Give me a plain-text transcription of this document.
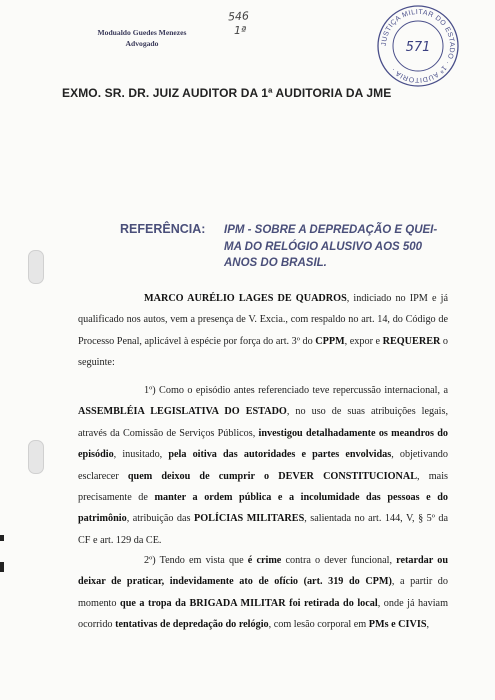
Modualdo Guedes Menezes
Advogado
546
1ª
JUSTIÇA MILITAR DO ESTADO · 1ª AUDITORIA ·
571
EXMO. SR. DR. JUIZ AUDITOR DA 1ª AUDITORIA DA JME
REFERÊNCIA: IPM - SOBRE A DEPREDAÇÃO E QUEI-MA DO RELÓGIO ALUSIVO AOS 500 ANOS DO BRASIL.
MARCO AURÉLIO LAGES DE QUADROS, indiciado no IPM e já qualificado nos autos, vem a presença de V. Excia., com respaldo no art. 14, do Código de Processo Penal, aplicável à espécie por força do art. 3º do CPPM, expor e REQUERER o seguinte:
1º) Como o episódio antes referenciado teve repercussão internacional, a ASSEMBLÉIA LEGISLATIVA DO ESTADO, no uso de suas atribuições legais, através da Comissão de Serviços Públicos, investigou detalhadamente os meandros do episódio, inusitado, pela oitiva das autoridades e partes envolvidas, objetivando esclarecer quem deixou de cumprir o DEVER CONSTITUCIONAL, mais precisamente de manter a ordem pública e a incolumidade das pessoas e do patrimônio, atribuição das POLÍCIAS MILITARES, salientada no art. 144, V, § 5º da CF e art. 129 da CE.
2º) Tendo em vista que é crime contra o dever funcional, retardar ou deixar de praticar, indevidamente ato de ofício (art. 319 do CPM), a partir do momento que a tropa da BRIGADA MILITAR foi retirada do local, onde já haviam ocorrido tentativas de depredação do relógio, com lesão corporal em PMs e CIVIS,
